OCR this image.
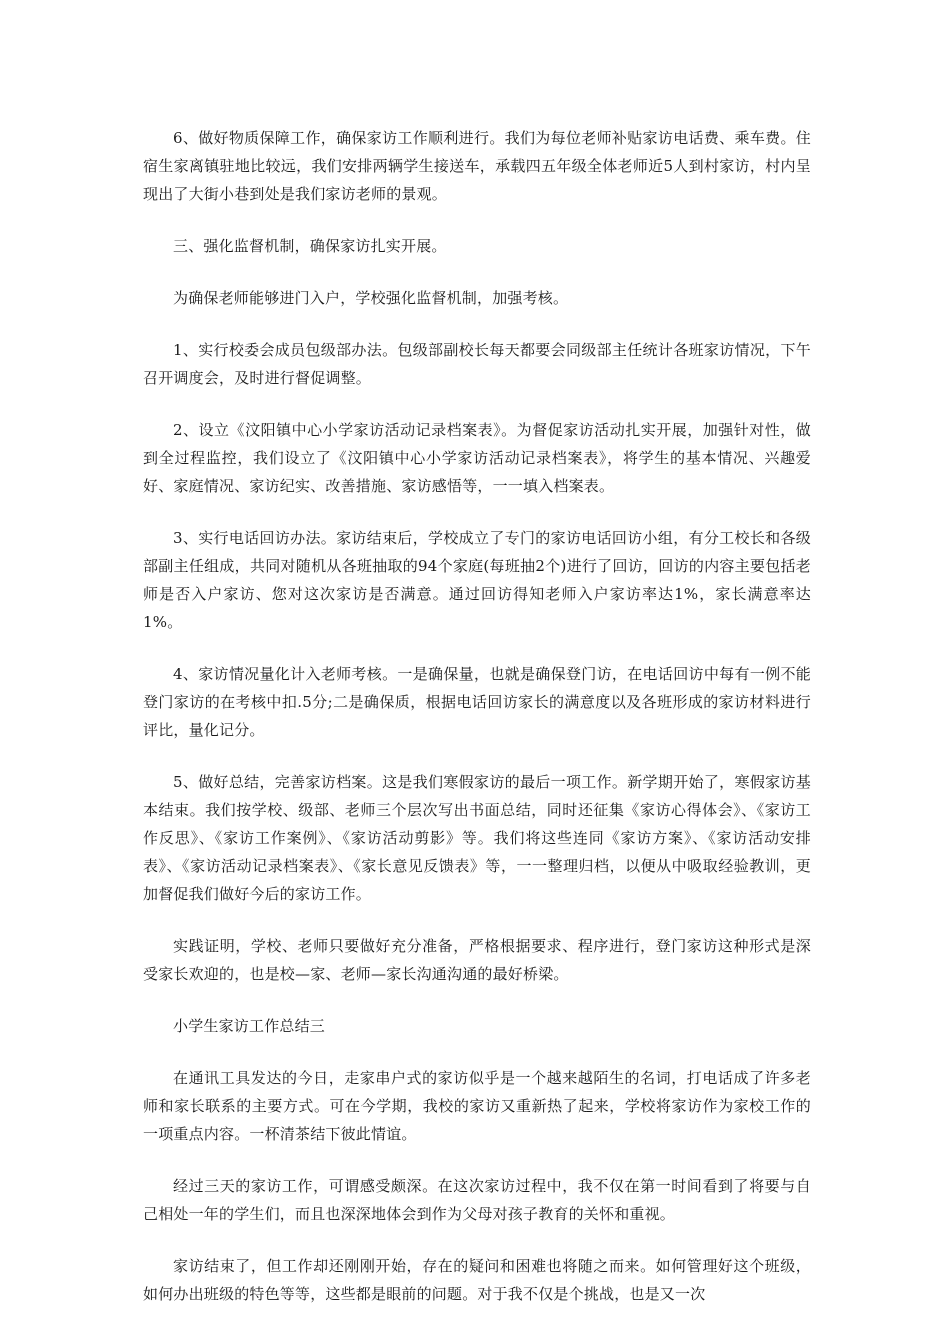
6、做好物质保障工作，确保家访工作顺利进行。我们为每位老师补贴家访电话费、乘车费。住宿生家离镇驻地比较远，我们安排两辆学生接送车，承载四五年级全体老师近5人到村家访，村内呈现出了大街小巷到处是我们家访老师的景观。

三、强化监督机制，确保家访扎实开展。

为确保老师能够进门入户，学校强化监督机制，加强考核。

1、实行校委会成员包级部办法。包级部副校长每天都要会同级部主任统计各班家访情况，下午召开调度会，及时进行督促调整。

2、设立《汶阳镇中心小学家访活动记录档案表》。为督促家访活动扎实开展，加强针对性，做到全过程监控，我们设立了《汶阳镇中心小学家访活动记录档案表》，将学生的基本情况、兴趣爱好、家庭情况、家访纪实、改善措施、家访感悟等，一一填入档案表。

3、实行电话回访办法。家访结束后，学校成立了专门的家访电话回访小组，有分工校长和各级部副主任组成，共同对随机从各班抽取的94个家庭(每班抽2个)进行了回访，回访的内容主要包括老师是否入户家访、您对这次家访是否满意。通过回访得知老师入户家访率达1%，家长满意率达1%。

4、家访情况量化计入老师考核。一是确保量，也就是确保登门访，在电话回访中每有一例不能登门家访的在考核中扣.5分;二是确保质，根据电话回访家长的满意度以及各班形成的家访材料进行评比，量化记分。

5、做好总结，完善家访档案。这是我们寒假家访的最后一项工作。新学期开始了，寒假家访基本结束。我们按学校、级部、老师三个层次写出书面总结，同时还征集《家访心得体会》、《家访工作反思》、《家访工作案例》、《家访活动剪影》等。我们将这些连同《家访方案》、《家访活动安排表》、《家访活动记录档案表》、《家长意见反馈表》等，一一整理归档，以便从中吸取经验教训，更加督促我们做好今后的家访工作。

实践证明，学校、老师只要做好充分准备，严格根据要求、程序进行，登门家访这种形式是深受家长欢迎的，也是校—家、老师—家长沟通沟通的最好桥梁。

小学生家访工作总结三

在通讯工具发达的今日，走家串户式的家访似乎是一个越来越陌生的名词，打电话成了许多老师和家长联系的主要方式。可在今学期，我校的家访又重新热了起来，学校将家访作为家校工作的一项重点内容。一杯清茶结下彼此情谊。

经过三天的家访工作，可谓感受颇深。在这次家访过程中，我不仅在第一时间看到了将要与自己相处一年的学生们，而且也深深地体会到作为父母对孩子教育的关怀和重视。

家访结束了，但工作却还刚刚开始，存在的疑问和困难也将随之而来。如何管理好这个班级，如何办出班级的特色等等，这些都是眼前的问题。对于我不仅是个挑战，也是又一次
